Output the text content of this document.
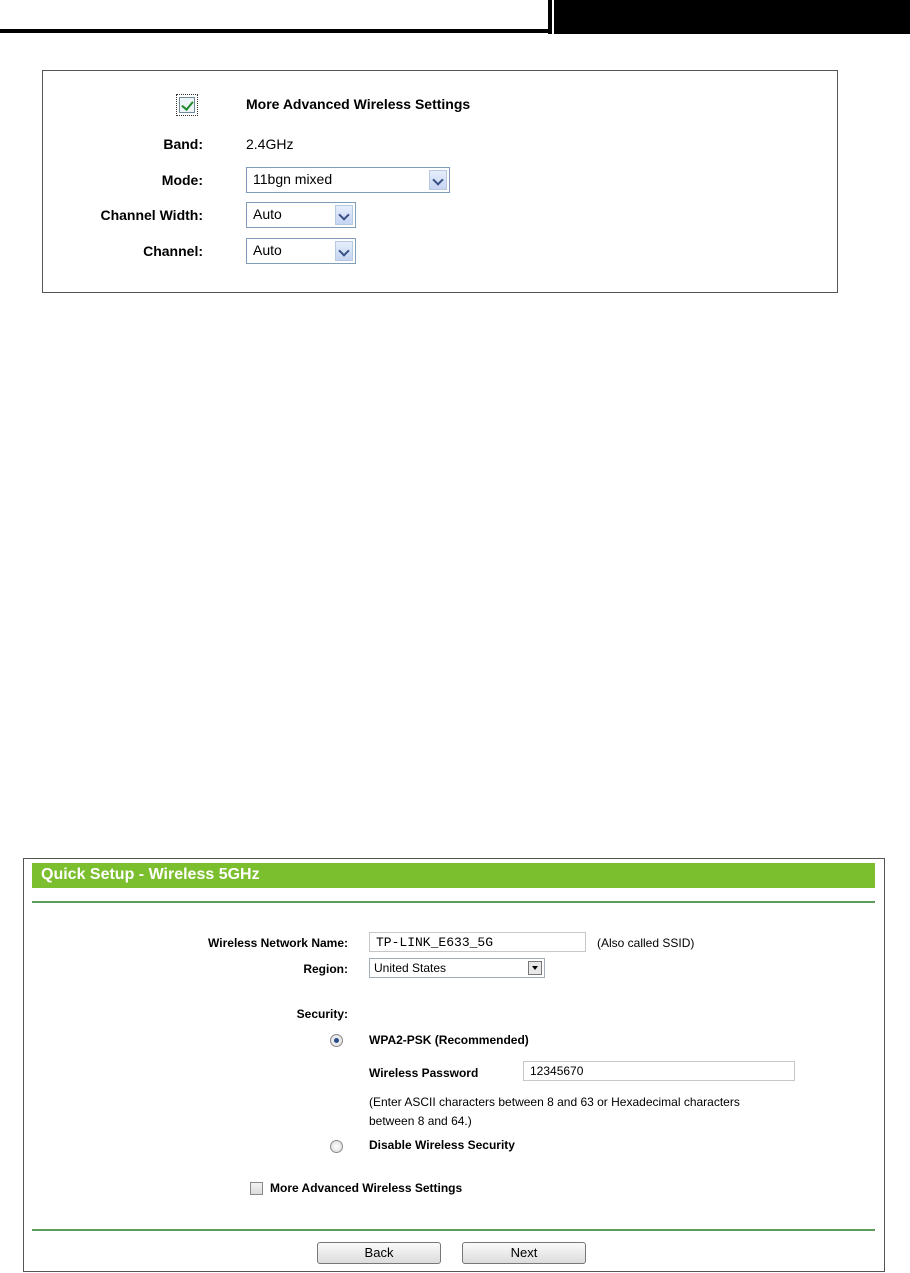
More Advanced Wireless Settings
Band:	2.4GHz
Mode:	11bgn mixed
Channel Width:	Auto
Channel:	Auto
Quick Setup - Wireless 5GHz
Wireless Network Name:
TP-LINK_E633_5G	(Also called SSID)
Region:	United States
Security:
WPA2-PSK (Recommended)
Wireless Password
12345670
(Enter ASCII characters between 8 and 63 or Hexadecimal characters
between 8 and 64.)
Disable Wireless Security
More Advanced Wireless Settings
Back	Next
